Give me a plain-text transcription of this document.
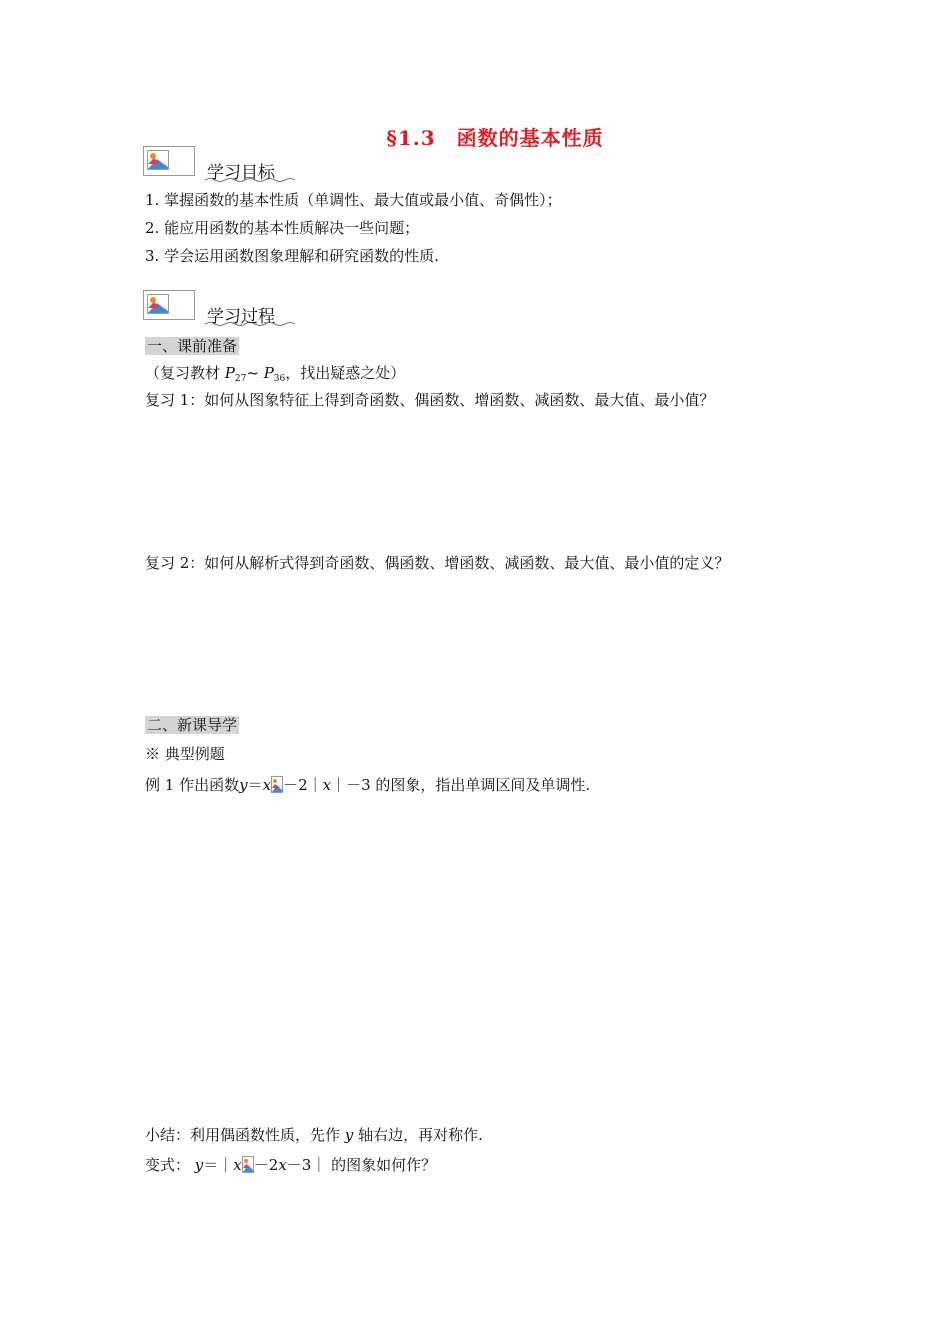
§1.3　函数的基本性质
学习目标
1. 掌握函数的基本性质（单调性、最大值或最小值、奇偶性）；
2. 能应用函数的基本性质解决一些问题；
3. 学会运用函数图象理解和研究函数的性质.
学习过程
一、课前准备
（复习教材 $P_{27}\sim$ $P_{36}$，找出疑惑之处）
复习 1：如何从图象特征上得到奇函数、偶函数、增函数、减函数、最大值、最小值？
复习 2：如何从解析式得到奇函数、偶函数、增函数、减函数、最大值、最小值的定义？
二、新课导学
※ 典型例题
例 1 作出函数y＝x －2｜x｜－3 的图象，指出单调区间及单调性.
小结：利用偶函数性质，先作 y 轴右边，再对称作.
变式： y＝｜x －2x－3｜ 的图象如何作？
